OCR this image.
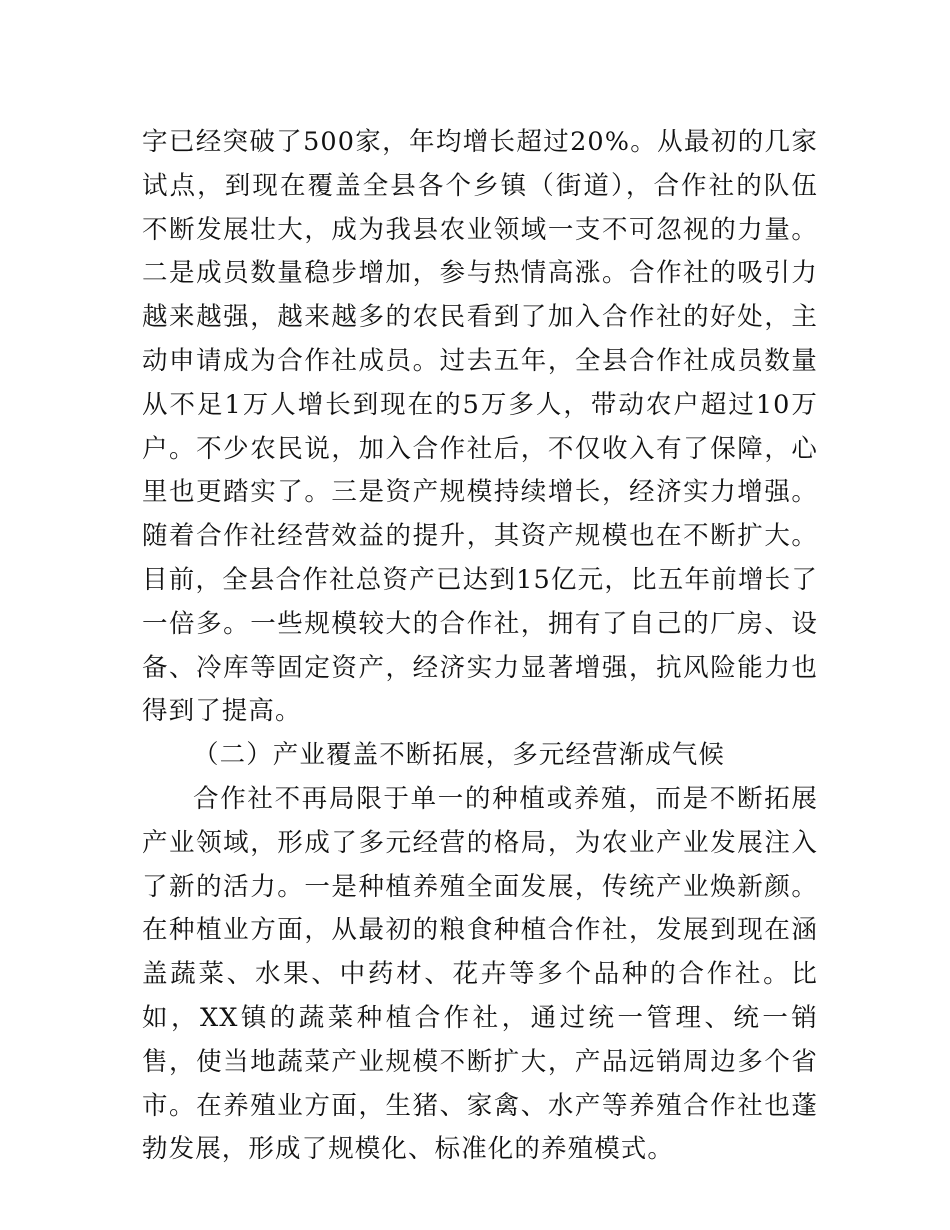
字已经突破了500家，年均增长超过20%。从最初的几家试点，到现在覆盖全县各个乡镇（街道），合作社的队伍不断发展壮大，成为我县农业领域一支不可忽视的力量。二是成员数量稳步增加，参与热情高涨。合作社的吸引力越来越强，越来越多的农民看到了加入合作社的好处，主动申请成为合作社成员。过去五年，全县合作社成员数量从不足1万人增长到现在的5万多人，带动农户超过10万户。不少农民说，加入合作社后，不仅收入有了保障，心里也更踏实了。三是资产规模持续增长，经济实力增强。随着合作社经营效益的提升，其资产规模也在不断扩大。目前，全县合作社总资产已达到15亿元，比五年前增长了一倍多。一些规模较大的合作社，拥有了自己的厂房、设备、冷库等固定资产，经济实力显著增强，抗风险能力也得到了提高。

（二）产业覆盖不断拓展，多元经营渐成气候

合作社不再局限于单一的种植或养殖，而是不断拓展产业领域，形成了多元经营的格局，为农业产业发展注入了新的活力。一是种植养殖全面发展，传统产业焕新颜。在种植业方面，从最初的粮食种植合作社，发展到现在涵盖蔬菜、水果、中药材、花卉等多个品种的合作社。比如，XX镇的蔬菜种植合作社，通过统一管理、统一销售，使当地蔬菜产业规模不断扩大，产品远销周边多个省市。在养殖业方面，生猪、家禽、水产等养殖合作社也蓬勃发展，形成了规模化、标准化的养殖模式。
